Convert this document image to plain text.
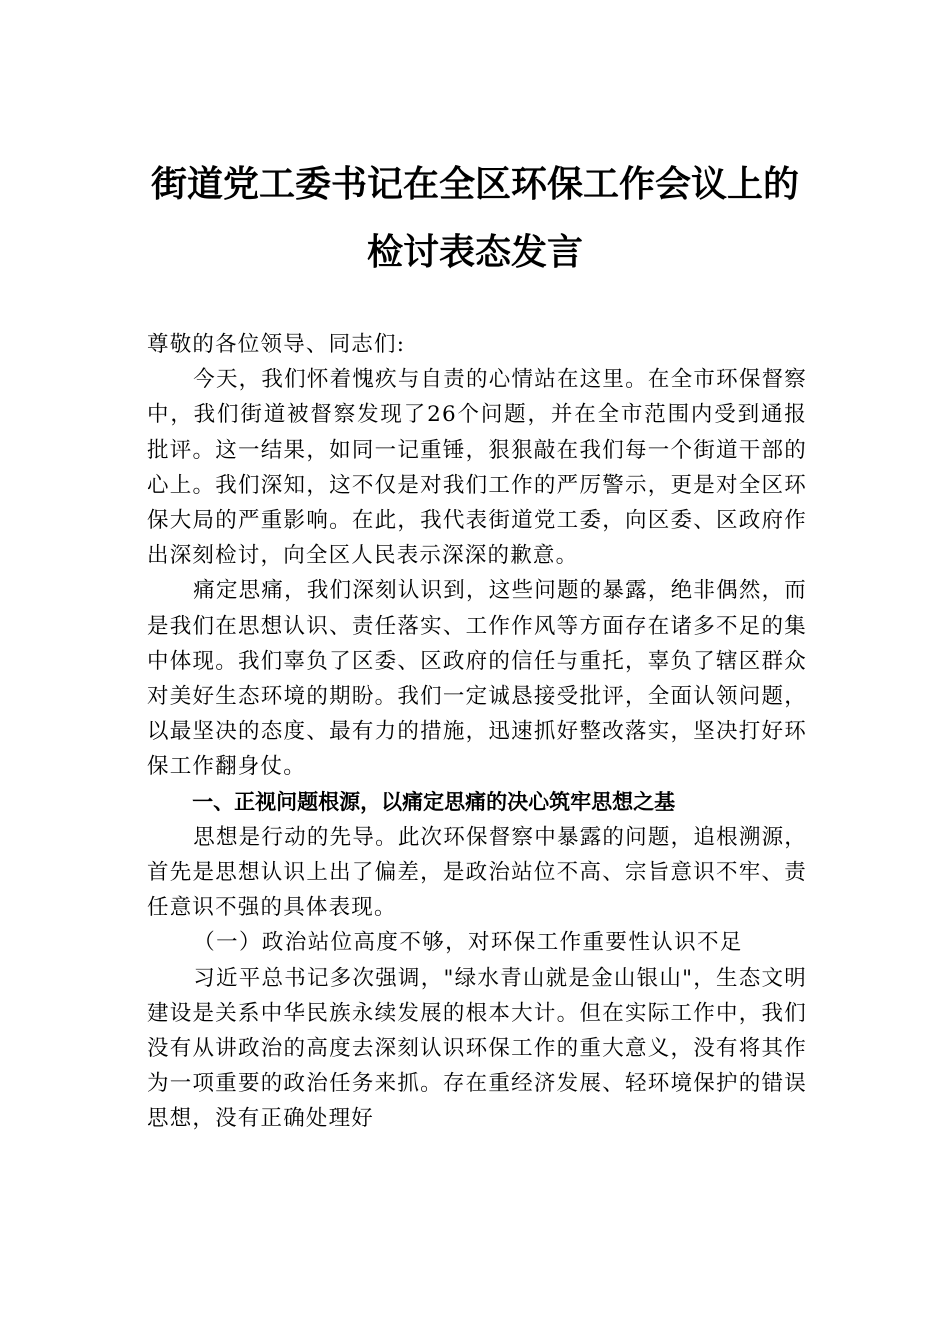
街道党工委书记在全区环保工作会议上的
检讨表态发言

尊敬的各位领导、同志们:

今天，我们怀着愧疚与自责的心情站在这里。在全市环保督察中，我们街道被督察发现了26个问题，并在全市范围内受到通报批评。这一结果，如同一记重锤，狠狠敲在我们每一个街道干部的心上。我们深知，这不仅是对我们工作的严厉警示，更是对全区环保大局的严重影响。在此，我代表街道党工委，向区委、区政府作出深刻检讨，向全区人民表示深深的歉意。

痛定思痛，我们深刻认识到，这些问题的暴露，绝非偶然，而是我们在思想认识、责任落实、工作作风等方面存在诸多不足的集中体现。我们辜负了区委、区政府的信任与重托，辜负了辖区群众对美好生态环境的期盼。我们一定诚恳接受批评，全面认领问题，以最坚决的态度、最有力的措施，迅速抓好整改落实，坚决打好环保工作翻身仗。

一、正视问题根源，以痛定思痛的决心筑牢思想之基

思想是行动的先导。此次环保督察中暴露的问题，追根溯源，首先是思想认识上出了偏差，是政治站位不高、宗旨意识不牢、责任意识不强的具体表现。

（一）政治站位高度不够，对环保工作重要性认识不足

习近平总书记多次强调，"绿水青山就是金山银山"，生态文明建设是关系中华民族永续发展的根本大计。但在实际工作中，我们没有从讲政治的高度去深刻认识环保工作的重大意义，没有将其作为一项重要的政治任务来抓。存在重经济发展、轻环境保护的错误思想，没有正确处理好
